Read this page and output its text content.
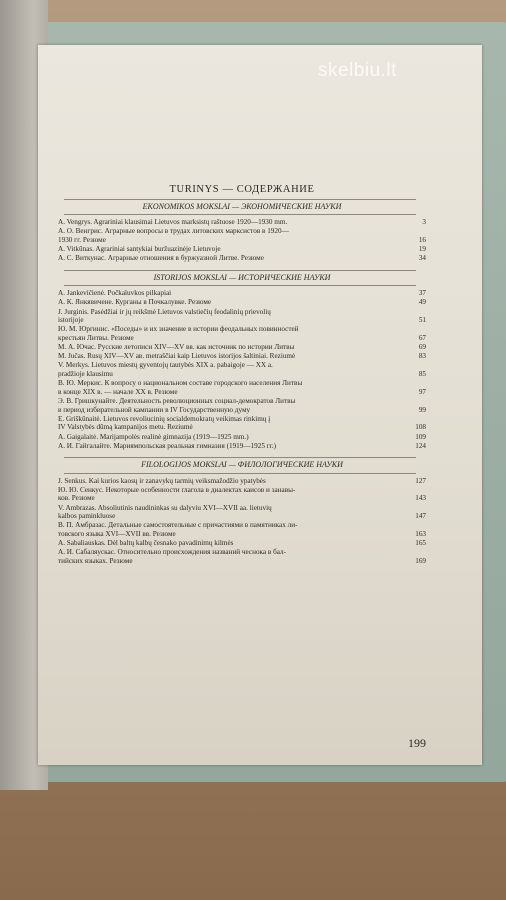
skelbiu.lt
TURINYS — СОДЕРЖАНИЕ
EKONOMIKOS MOKSLAI — ЭКОНОМИЧЕСКИЕ НАУКИ
A. Vengrys. Agrariniai klausimai Lietuvos marksistų raštuose 1920—1930 mm.	3
А. О. Венгрис. Аграрные вопросы в трудах литовских марксистов в 1920—
1930 гг. Резюме	16
A. Vitkūnas. Agrariniai santykiai buržuazinėje Lietuvoje	19
А. С. Виткунас. Аграрные отношения в буржуазной Литве. Резюме	34
ISTORIJOS MOKSLAI — ИСТОРИЧЕСКИЕ НАУКИ
A. Jankevičienė. Počkaluvkos pilkapiai	37
А. К. Янкявичене. Курганы в Почкалувке. Резюме	49
J. Jurginis. Pasėdžiai ir jų reikšmė Lietuvos valstiečių feodalinių prievolių
istorijoje	51
Ю. М. Юргинис. «Поседы» и их значение в истории феодальных повинностей
крестьян Литвы. Резюме	67
М. А. Ючас. Русские летописи XIV—XV вв. как источник по истории Литвы	69
M. Jučas. Rusų XIV—XV ав. metraščiai kaip Lietuvos istorijos šaltiniai. Reziumė	83
V. Merkys. Lietuvos miestų gyventojų tautybės XIX a. pabaigoje — XX a.
pradžioje klausimu	85
В. Ю. Меркис. К вопросу о национальном составе городского населения Литвы
в конце XIX в. — начале XX в. Резюме	97
Э. В. Гришкунайте. Деятельность революционных социал-демократов Литвы
в период избирательной кампании в IV Государственную думу	99
E. Griškūnaitė. Lietuvos revoliucinių socialdemokratų veikimas rinkimų į
IV Valstybės dūmą kampanijos metu. Reziumė	108
A. Gaigalaitė. Marijampolės realinė gimnazija (1919—1925 mm.)	109
А. И. Гайгалайте. Мариямпольская реальная гимназия (1919—1925 гг.)	124
FILOLOGIJOS MOKSLAI — ФИЛОЛОГИЧЕСКИЕ НАУКИ
J. Senkus. Kai kurios kaosų ir zanavykų tarmių veiksmažodžio ypatybės	127
Ю. Ю. Сенкус. Некоторые особенности глагола в диалектах каисов и занавы-
ков. Резюме	143
V. Ambrazas. Absoliutinis naudininkas su dalyviu XVI—XVII aa. lietuvių
kalbos paminkluose	147
В. П. Амбразас. Детальные самостоятельные с причастиями в памятниках ли-
товского языка XVI—XVII вв. Резюме	163
A. Sabaliauskas. Dėl baltų kalbų česnako pavadinimų kilmės	165
А. И. Сабаляускас. Относительно происхождения названий чеснока в бал-
тийских языках. Резюме	169
199
